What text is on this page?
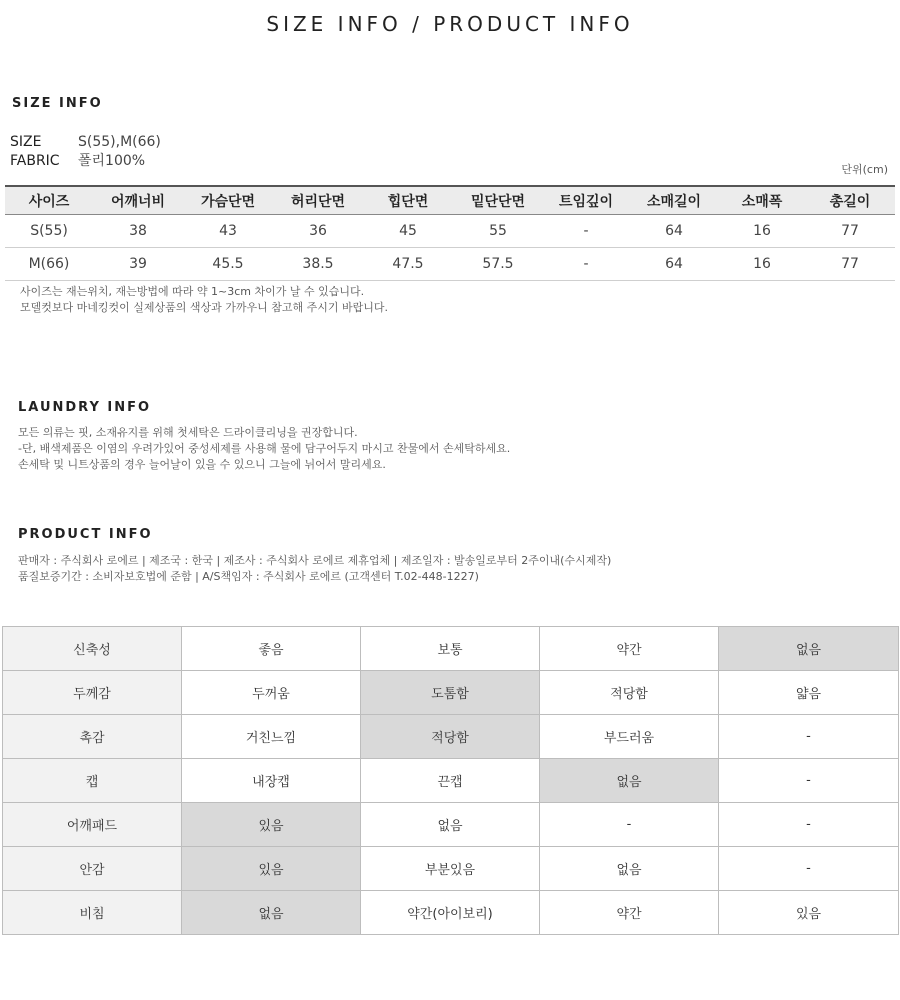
SIZE INFO / PRODUCT INFO
SIZE INFO
SIZE	S(55),M(66)
FABRIC 폴리100%
단위(cm)
사이즈	어깨너비	가슴단면	허리단면	힙단면	밑단단면	트임깊이	소매길이	소매폭	총길이
S(55)	38	43	36	45	55	-	64	16	77
M(66)	39	45.5	38.5	47.5	57.5	-	64	16	77
사이즈는 재는위치, 재는방법에 따라 약 1~3cm 차이가 날 수 있습니다.
모델컷보다 마네킹컷이 실제상품의 색상과 가까우니 참고해 주시기 바랍니다.
LAUNDRY INFO
모든 의류는 핏, 소재유지를 위해 첫세탁은 드라이클리닝을 권장합니다.
-단, 배색제품은 이염의 우려가있어 중성세제를 사용해 물에 담구어두지 마시고 찬물에서 손세탁하세요.
손세탁 및 니트상품의 경우 늘어날이 있을 수 있으니 그늘에 뉘어서 말리세요.
PRODUCT INFO
판매자 : 주식회사 로에르 | 제조국 : 한국 | 제조사 : 주식회사 로에르 제휴업체 | 제조일자 : 발송일로부터 2주이내(수시제작)
품질보증기간 : 소비자보호법에 준함 | A/S책임자 : 주식회사 로에르 (고객센터 T.02-448-1227)
신축성	좋음	보통	약간	없음
두께감	두꺼움	도톰함	적당함	얇음
촉감	거친느낌	적당함	부드러움	-
캡	내장캡	끈캡	없음	-
어깨패드	있음	없음	-	-
안감	있음	부분있음	없음	-
비침	없음	약간(아이보리)	약간	있음
